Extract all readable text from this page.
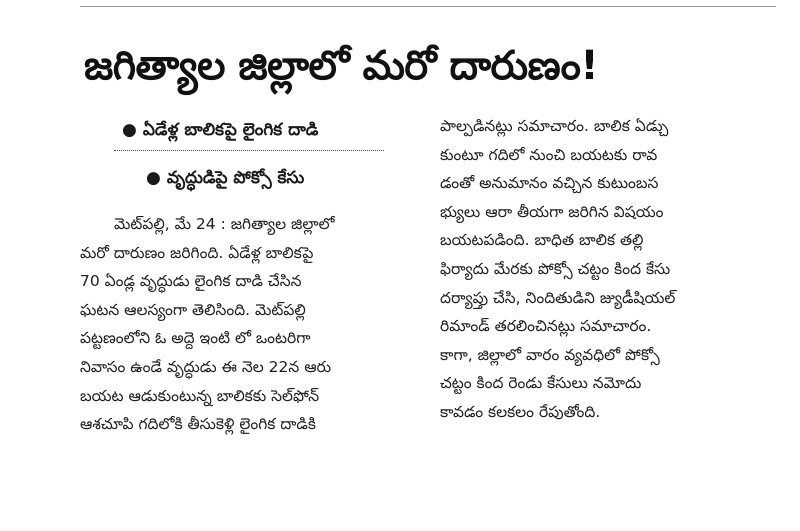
జగిత్యాల జిల్లాలో మరో దారుణం!
● ఏడేళ్ల బాలికపై లైంగిక దాడి
● వృద్ధుడిపై పోక్సో కేసు
మెట్‌పల్లి, మే 24 : జగిత్యాల జిల్లాలో
మరో దారుణం జరిగింది. ఏడేళ్ల బాలికపై
70 ఏండ్ల వృద్ధుడు లైంగిక దాడి చేసిన
ఘటన ఆలస్యంగా తెలిసింది. మెట్‌పల్లి
పట్టణంలోని ఓ అద్దె ఇంటి లో ఒంటరిగా
నివాసం ఉండే వృద్ధుడు ఈ నెల 22న ఆరు
బయట ఆడుకుంటున్న బాలికకు సెల్‌ఫోన్
ఆశచూపి గదిలోకి తీసుకెళ్లి లైంగిక దాడికి
పాల్పడినట్లు సమాచారం. బాలిక ఏడ్చు
కుంటూ గదిలో నుంచి బయటకు రావ
డంతో అనుమానం వచ్చిన కుటుంబస
భ్యులు ఆరా తీయగా జరిగిన విషయం
బయటపడింది. బాధిత బాలిక తల్లి
ఫిర్యాదు మేరకు పోక్సో చట్టం కింద కేసు
దర్యాప్తు చేసి, నిందితుడిని జ్యుడీషియల్
రిమాండ్ తరలించినట్లు సమాచారం.
కాగా, జిల్లాలో వారం వ్యవధిలో పోక్సో
చట్టం కింద రెండు కేసులు నమోదు
కావడం కలకలం రేపుతోంది.
